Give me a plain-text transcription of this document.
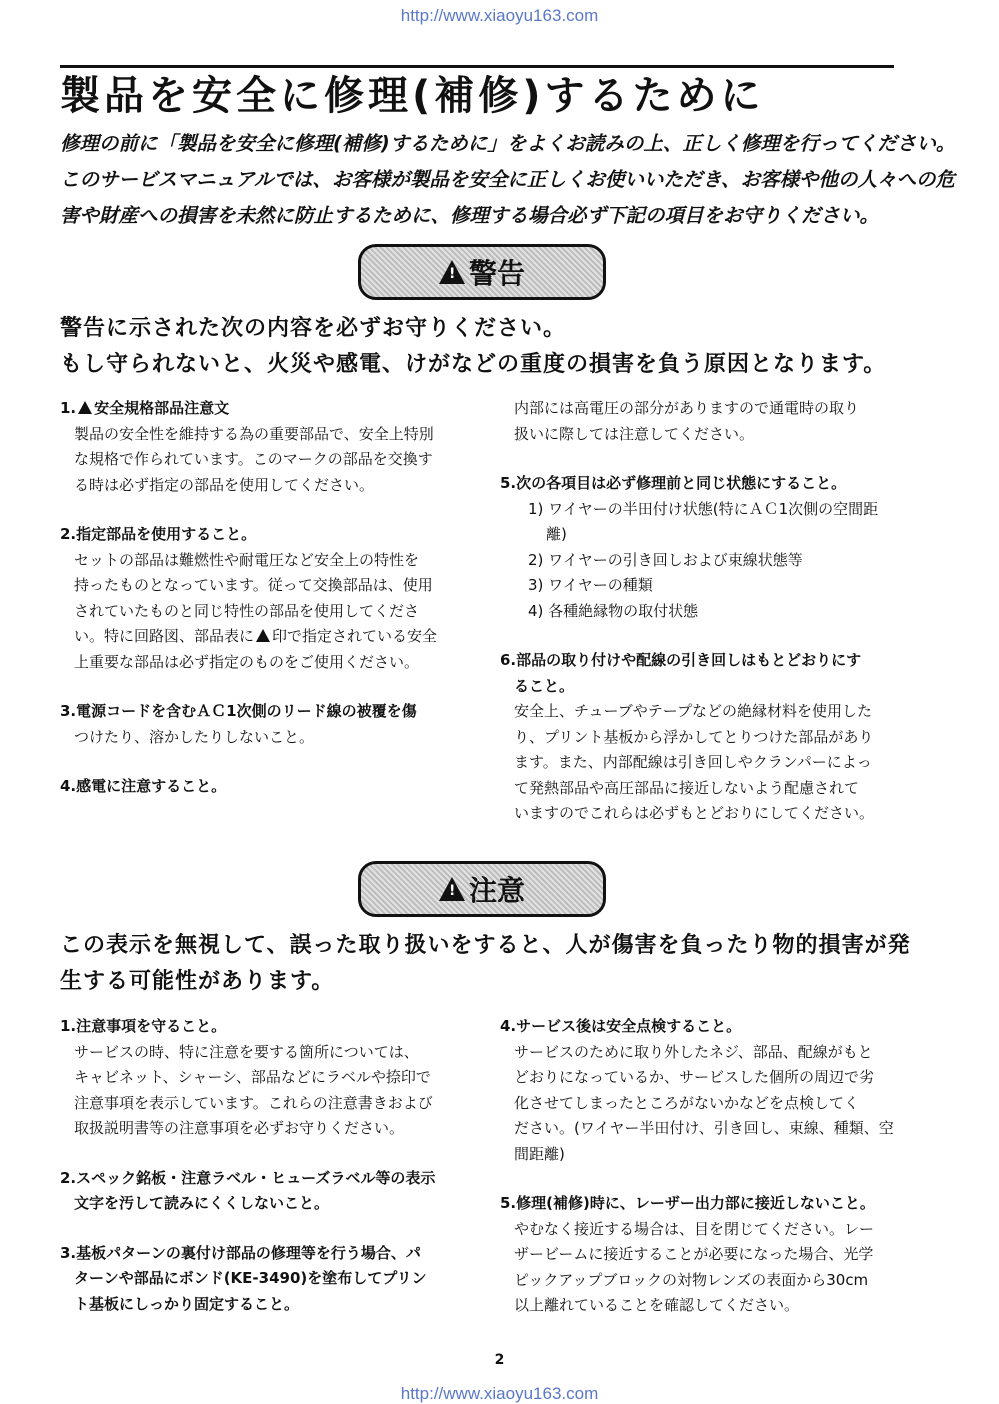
http://www.xiaoyu163.com
製品を安全に修理(補修)するために
修理の前に「製品を安全に修理(補修)するために」をよくお読みの上、正しく修理を行ってください。
このサービスマニュアルでは、お客様が製品を安全に正しくお使いいただき、お客様や他の人々への危
害や財産への損害を未然に防止するために、修理する場合必ず下記の項目をお守りください。
!
警告
警告に示された次の内容を必ずお守りください。
もし守られないと、火災や感電、けがなどの重度の損害を負う原因となります。
1. 安全規格部品注意文
製品の安全性を維持する為の重要部品で、安全上特別
な規格で作られています。このマークの部品を交換す
る時は必ず指定の部品を使用してください。
2.指定部品を使用すること。
セットの部品は難燃性や耐電圧など安全上の特性を
持ったものとなっています。従って交換部品は、使用
されていたものと同じ特性の部品を使用してくださ
い。特に回路図、部品表に 印で指定されている安全
上重要な部品は必ず指定のものをご使用ください。
3.電源コードを含むＡＣ1次側のリード線の被覆を傷
つけたり、溶かしたりしないこと。
4.感電に注意すること。
内部には高電圧の部分がありますので通電時の取り
扱いに際しては注意してください。
5.次の各項目は必ず修理前と同じ状態にすること。
1) ワイヤーの半田付け状態(特にＡＣ1次側の空間距
離)
2) ワイヤーの引き回しおよび束線状態等
3) ワイヤーの種類
4) 各種絶縁物の取付状態
6.部品の取り付けや配線の引き回しはもとどおりにす
ること。
安全上、チューブやテープなどの絶縁材料を使用した
り、プリント基板から浮かしてとりつけた部品があり
ます。また、内部配線は引き回しやクランパーによっ
て発熱部品や高圧部品に接近しないよう配慮されて
いますのでこれらは必ずもとどおりにしてください。
!
注意
この表示を無視して、誤った取り扱いをすると、人が傷害を負ったり物的損害が発
生する可能性があります。
1.注意事項を守ること。
サービスの時、特に注意を要する箇所については、
キャビネット、シャーシ、部品などにラベルや捺印で
注意事項を表示しています。これらの注意書きおよび
取扱説明書等の注意事項を必ずお守りください。
2.スペック銘板・注意ラベル・ヒューズラベル等の表示
文字を汚して読みにくくしないこと。
3.基板パターンの裏付け部品の修理等を行う場合、パ
ターンや部品にボンド(KE-3490)を塗布してプリン
ト基板にしっかり固定すること。
4.サービス後は安全点検すること。
サービスのために取り外したネジ、部品、配線がもと
どおりになっているか、サービスした個所の周辺で劣
化させてしまったところがないかなどを点検してく
ださい。(ワイヤー半田付け、引き回し、束線、種類、空
間距離)
5.修理(補修)時に、レーザー出力部に接近しないこと。
やむなく接近する場合は、目を閉じてください。レー
ザービームに接近することが必要になった場合、光学
ピックアップブロックの対物レンズの表面から30cm
以上離れていることを確認してください。
2
http://www.xiaoyu163.com
